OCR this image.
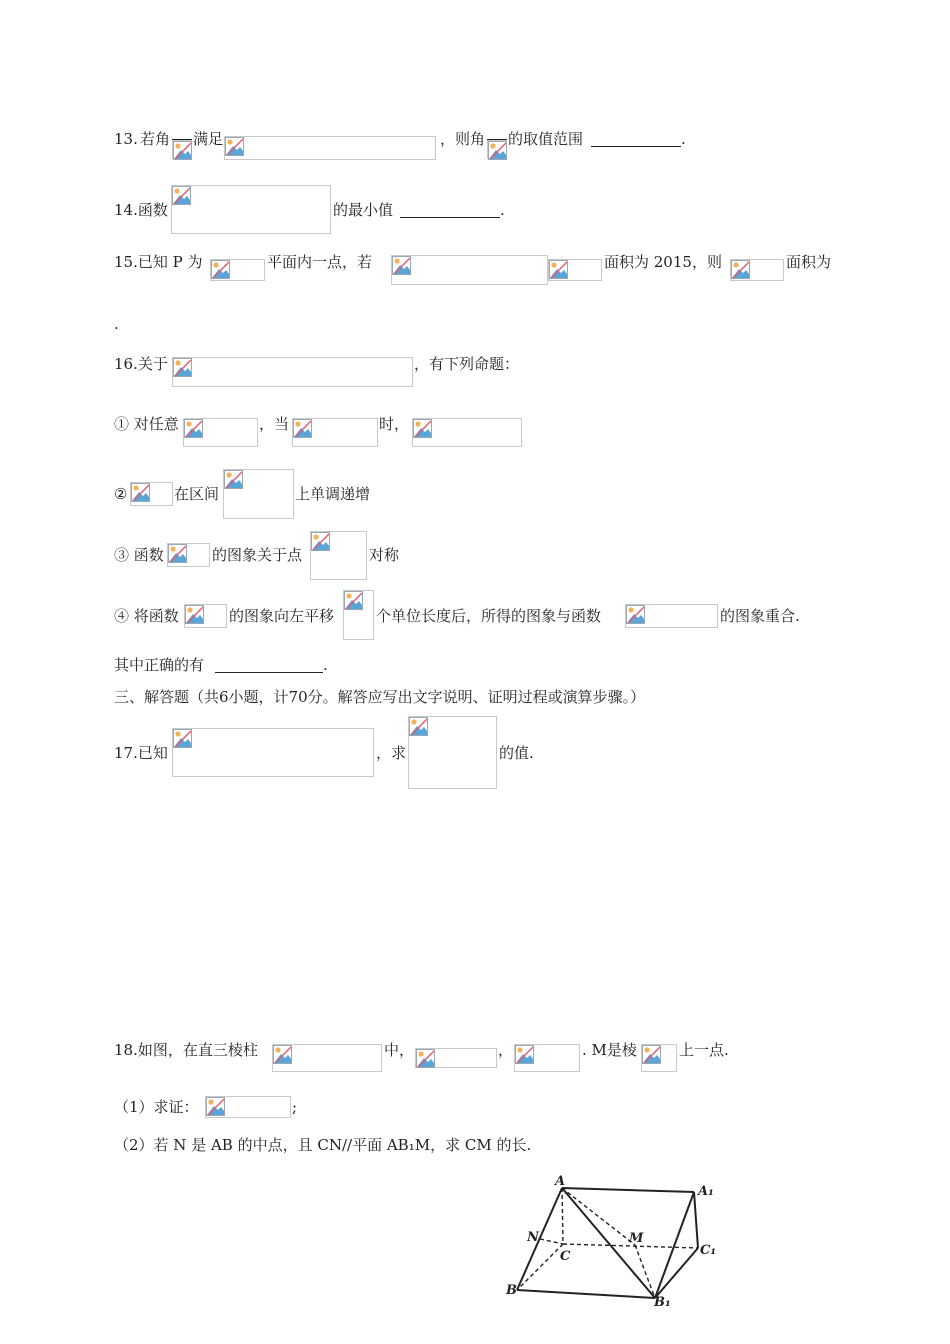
13. 若角 满足	，则角 的取值范围	.
14.函数	的最小值	.
15.已知 P 为	平面内一点，若	面积为 2015，则	面积为
.
16.关于	，有下列命题：
① 对任意	，当	时，
②	在区间	上单调递增
③ 函数	的图象关于点	对称
④ 将函数	的图象向左平移	个单位长度后，所得的图象与函数	的图象重合.
其中正确的有	.
三、解答题（共6小题，计70分。解答应写出文字说明、证明过程或演算步骤。）
17.已知	，求	的值.
18.如图，在直三棱柱	中，	，	. M是棱	上一点.
（1）求证：	;
（2）若 N 是 AB 的中点，且 CN//平面 AB₁M，求 CM 的长.
A
A₁
N
C
M
C₁
B
B₁
